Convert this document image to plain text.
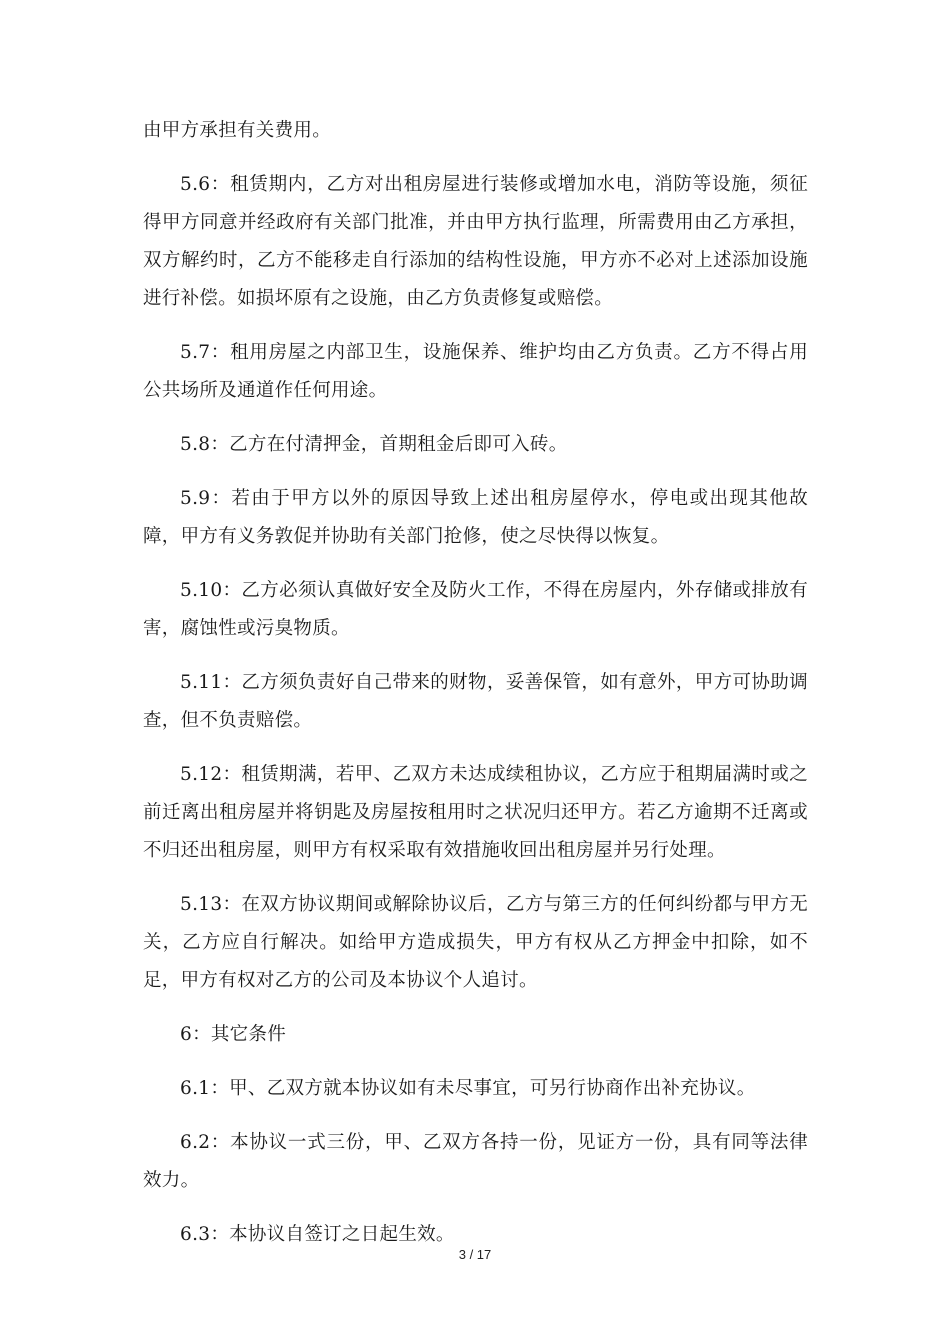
由甲方承担有关费用。

5.6：租赁期内，乙方对出租房屋进行装修或增加水电，消防等设施，须征得甲方同意并经政府有关部门批准，并由甲方执行监理，所需费用由乙方承担，双方解约时，乙方不能移走自行添加的结构性设施，甲方亦不必对上述添加设施进行补偿。如损坏原有之设施，由乙方负责修复或赔偿。

5.7：租用房屋之内部卫生，设施保养、维护均由乙方负责。乙方不得占用公共场所及通道作任何用途。

5.8：乙方在付清押金，首期租金后即可入砖。

5.9：若由于甲方以外的原因导致上述出租房屋停水，停电或出现其他故障，甲方有义务敦促并协助有关部门抢修，使之尽快得以恢复。

5.10：乙方必须认真做好安全及防火工作，不得在房屋内，外存储或排放有害，腐蚀性或污臭物质。

5.11：乙方须负责好自己带来的财物，妥善保管，如有意外，甲方可协助调查，但不负责赔偿。

5.12：租赁期满，若甲、乙双方未达成续租协议，乙方应于租期届满时或之前迁离出租房屋并将钥匙及房屋按租用时之状况归还甲方。若乙方逾期不迁离或不归还出租房屋，则甲方有权采取有效措施收回出租房屋并另行处理。

5.13：在双方协议期间或解除协议后，乙方与第三方的任何纠纷都与甲方无关，乙方应自行解决。如给甲方造成损失，甲方有权从乙方押金中扣除，如不足，甲方有权对乙方的公司及本协议个人追讨。

6：其它条件

6.1：甲、乙双方就本协议如有未尽事宜，可另行协商作出补充协议。

6.2：本协议一式三份，甲、乙双方各持一份，见证方一份，具有同等法律效力。

6.3：本协议自签订之日起生效。

3 / 17
